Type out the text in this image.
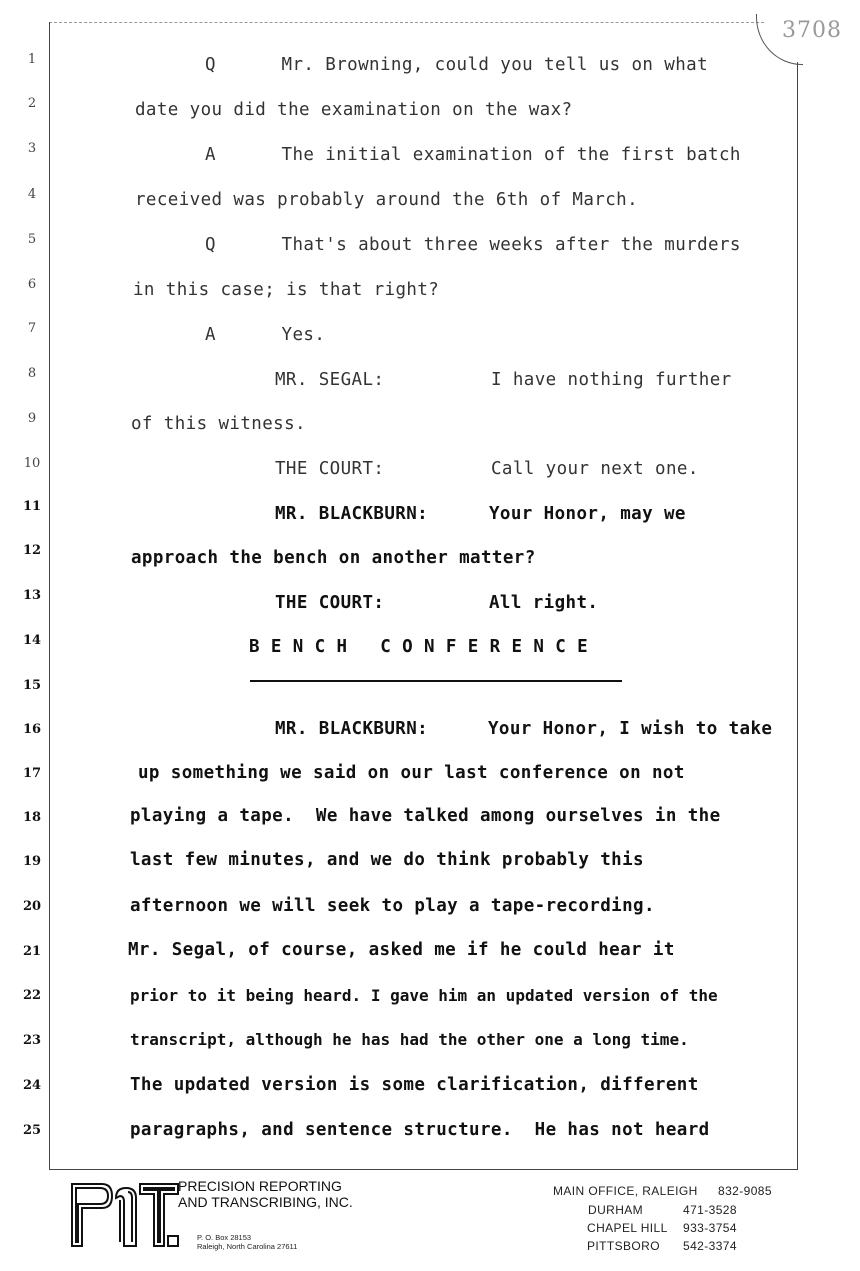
3708
1
2
3
4
5
6
7
8
9
10
11
12
13
14
15
16
17
18
19
20
21
22
23
24
25
Q      Mr. Browning, could you tell us on what
date you did the examination on the wax?
A      The initial examination of the first batch
received was probably around the 6th of March.
Q      That's about three weeks after the murders
in this case; is that right?
A      Yes.
MR. SEGAL:	I have nothing further
of this witness.
THE COURT:	Call your next one.
MR. BLACKBURN:	Your Honor, may we
approach the bench on another matter?
THE COURT:	All right.
B E N C H   C O N F E R E N C E
MR. BLACKBURN:	Your Honor, I wish to take
up something we said on our last conference on not
playing a tape.  We have talked among ourselves in the
last few minutes, and we do think probably this
afternoon we will seek to play a tape-recording.
Mr. Segal, of course, asked me if he could hear it
prior to it being heard. I gave him an updated version of the
transcript, although he has had the other one a long time.
The updated version is some clarification, different
paragraphs, and sentence structure.  He has not heard
PRECISION REPORTING
AND TRANSCRIBING, INC.
P. O. Box 28153
Raleigh, North Carolina 27611
MAIN OFFICE, RALEIGH 832-9085
DURHAM	471-3528
CHAPEL HILL 933-3754
PITTSBORO 542-3374
